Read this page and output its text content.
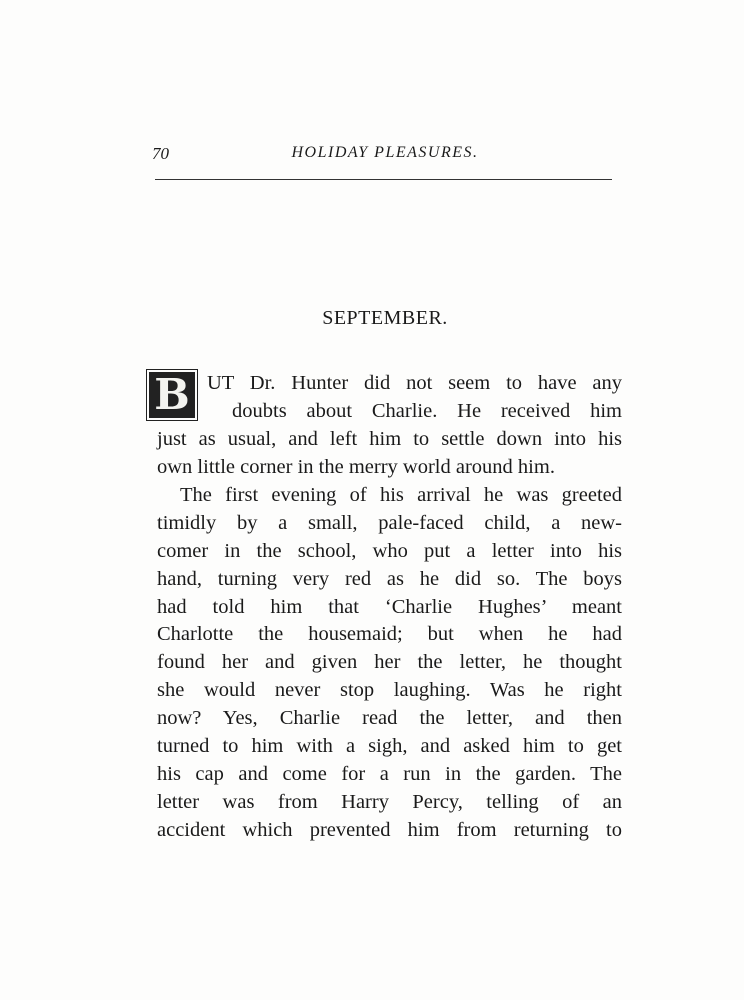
70	HOLIDAY PLEASURES.
SEPTEMBER.
B UT Dr. Hunter did not seem to have any
doubts about Charlie. He received him
just as usual, and left him to settle down into his
own little corner in the merry world around him.
The first evening of his arrival he was greeted
timidly by a small, pale-faced child, a new-
comer in the school, who put a letter into his
hand, turning very red as he did so. The boys
had told him that ‘Charlie Hughes’ meant
Charlotte the housemaid; but when he had
found her and given her the letter, he thought
she would never stop laughing. Was he right
now? Yes, Charlie read the letter, and then
turned to him with a sigh, and asked him to get
his cap and come for a run in the garden. The
letter was from Harry Percy, telling of an
accident which prevented him from returning to
